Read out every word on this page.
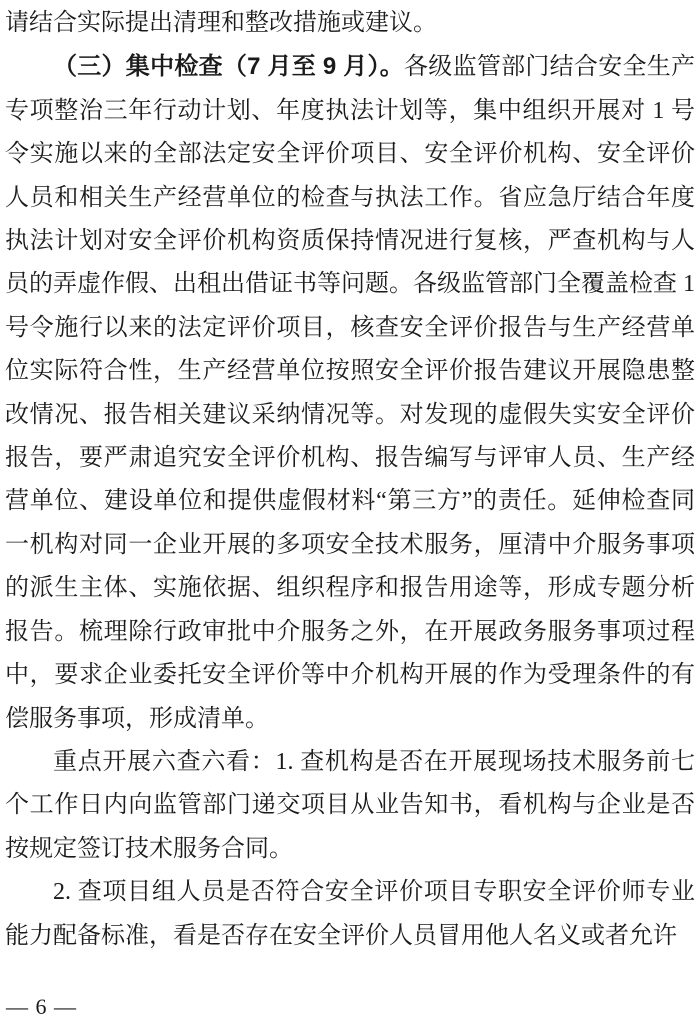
请结合实际提出清理和整改措施或建议。

（三）集中检查（7 月至 9 月）。各级监管部门结合安全生产专项整治三年行动计划、年度执法计划等，集中组织开展对 1 号令实施以来的全部法定安全评价项目、安全评价机构、安全评价人员和相关生产经营单位的检查与执法工作。省应急厅结合年度执法计划对安全评价机构资质保持情况进行复核，严查机构与人员的弄虚作假、出租出借证书等问题。各级监管部门全覆盖检查 1 号令施行以来的法定评价项目，核查安全评价报告与生产经营单位实际符合性，生产经营单位按照安全评价报告建议开展隐患整改情况、报告相关建议采纳情况等。对发现的虚假失实安全评价报告，要严肃追究安全评价机构、报告编写与评审人员、生产经营单位、建设单位和提供虚假材料“第三方”的责任。延伸检查同一机构对同一企业开展的多项安全技术服务，厘清中介服务事项的派生主体、实施依据、组织程序和报告用途等，形成专题分析报告。梳理除行政审批中介服务之外，在开展政务服务事项过程中，要求企业委托安全评价等中介机构开展的作为受理条件的有偿服务事项，形成清单。

重点开展六查六看：1. 查机构是否在开展现场技术服务前七个工作日内向监管部门递交项目从业告知书，看机构与企业是否按规定签订技术服务合同。

2. 查项目组人员是否符合安全评价项目专职安全评价师专业能力配备标准，看是否存在安全评价人员冒用他人名义或者允许

— 6 —
